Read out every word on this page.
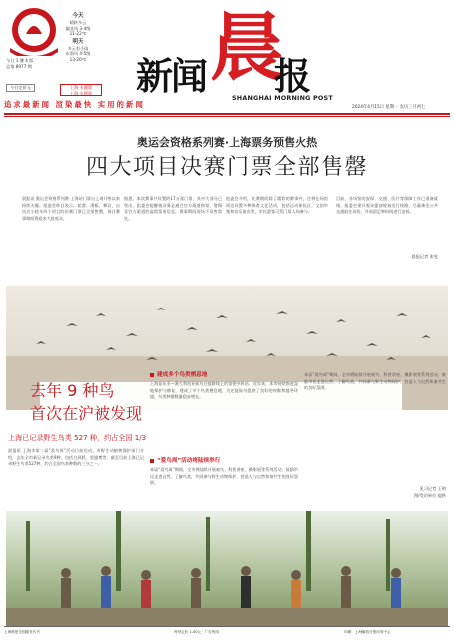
今日 1 叠 4 版
总第 8977 期
今日定价元
今天
晴转多云
偏北风 3-4级
11-22℃
明天
多云有小雨
东南风 4-5级
13-20℃
上海·专题版
上海·专题版 新闻 晨
报
SHANGHAI MORNING POST
追求最新闻 渲染最快 实用的新闻	2024年4月15日 星期一 农历三月初七
奥运会资格系列赛·上海票务预售火热
四大项目决赛门票全部售罄
晨报讯 奥运会资格系列赛·上海站门票自上周开售以来持续火爆。组委会昨日表示，轮滑、滑板、攀岩、自由式小轮车四个项目的决赛门票已全部售罄，预计赛事期间将迎来大批观众。
据悉，本次赛事共设置约17万张门票，其中大部分已售出。组委会提醒观众务必通过官方渠道购票，警惕非官方渠道的虚假票务信息，赛事期间现场不设售票处。
组委会介绍，比赛期间除了精彩的赛事外，还将在场馆周边设置多种体育文化活动，包括运动体验区、文创市集和音乐演出等，市民游客可凭门票入场参与。
目前，各场馆的安保、交通、医疗等保障工作已准备就绪。组委会建议观众提前规划出行线路，尽量乘坐公共交通前往场馆，并预留足够时间进行安检。
晨报记者 张雯
去年 9 种鸟
首次在沪被发现
上海已记录野生鸟类 527 种，约占全国 1/3
晨报讯 上海市第二届“爱鸟周”活动日前启动。市野生动植物保护部门介绍，去年全市新记录鸟类9种，包括白颈鸦、黑翅鸢等，截至目前上海已记录野生鸟类527种，约占全国鸟类种数的三分之一。
建成多个鸟类栖息地
上海是东亚—澳大利西亚候鸟迁徙路线上的重要中转站。近年来，本市持续推进湿地保护与修复，建成了多个鸟类栖息地，为迁徙候鸟提供了良好的停歇和越冬环境，鸟类种群数量稳步增长。
“爱鸟周”活动将陆续举行
本届“爱鸟周”期间，全市将陆续开展观鸟、科普讲座、摄影展等系列活动，鼓励市民走进自然、了解鸟类，共同参与野生动物保护，营造人与自然和谐共生的良好氛围。
本届“爱鸟周”期间，全市将陆续开展观鸟、科普讲座、摄影展等系列活动，鼓励市民走进自然、了解鸟类，共同参与野生动物保护，营造人与自然和谐共生的良好氛围。
见习记者 王明
图/受访单位 提供
上海晨报全国邮发代号	每份定价 1.00元 · 广告热线	印刷：上海解放日报印务中心
